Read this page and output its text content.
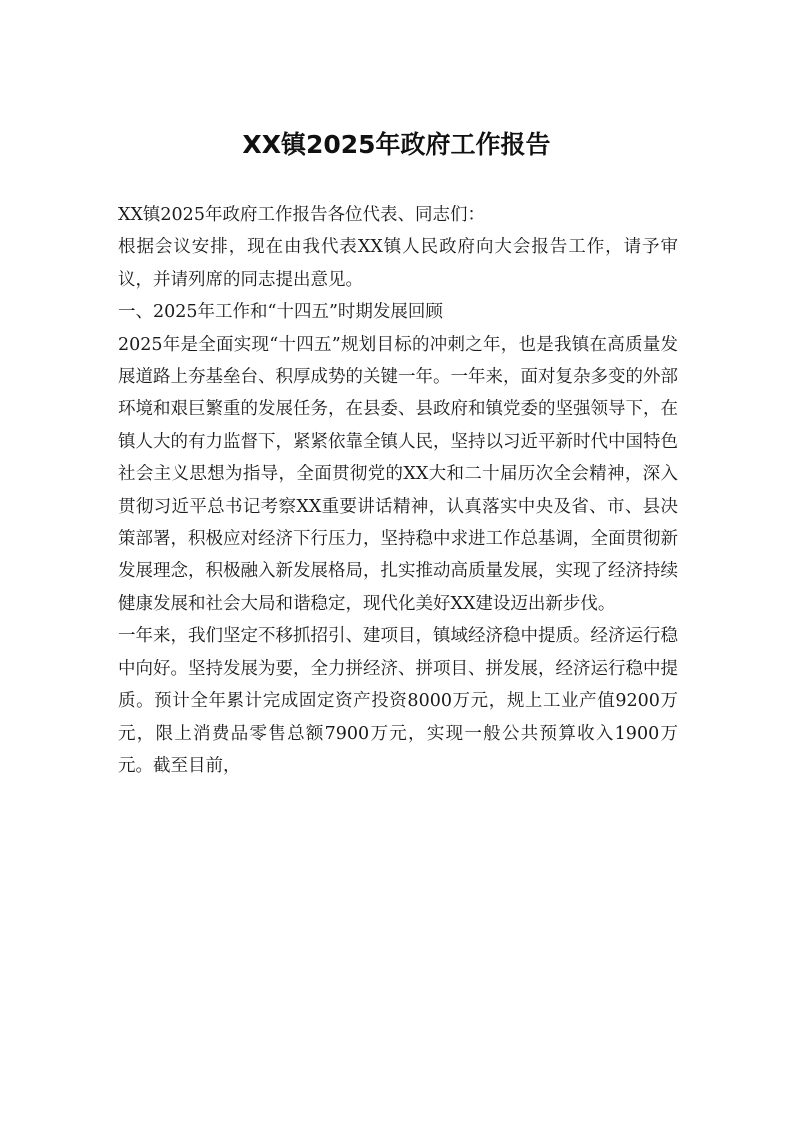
XX镇2025年政府工作报告

XX镇2025年政府工作报告各位代表、同志们：

根据会议安排，现在由我代表XX镇人民政府向大会报告工作，请予审议，并请列席的同志提出意见。

一、2025年工作和“十四五”时期发展回顾

2025年是全面实现“十四五”规划目标的冲刺之年，也是我镇在高质量发展道路上夯基垒台、积厚成势的关键一年。一年来，面对复杂多变的外部环境和艰巨繁重的发展任务，在县委、县政府和镇党委的坚强领导下，在镇人大的有力监督下，紧紧依靠全镇人民，坚持以习近平新时代中国特色社会主义思想为指导，全面贯彻党的XX大和二十届历次全会精神，深入贯彻习近平总书记考察XX重要讲话精神，认真落实中央及省、市、县决策部署，积极应对经济下行压力，坚持稳中求进工作总基调，全面贯彻新发展理念，积极融入新发展格局，扎实推动高质量发展，实现了经济持续健康发展和社会大局和谐稳定，现代化美好XX建设迈出新步伐。

一年来，我们坚定不移抓招引、建项目，镇域经济稳中提质。经济运行稳中向好。坚持发展为要，全力拼经济、拼项目、拼发展，经济运行稳中提质。预计全年累计完成固定资产投资8000万元，规上工业产值9200万元，限上消费品零售总额7900万元，实现一般公共预算收入1900万元。截至目前，
